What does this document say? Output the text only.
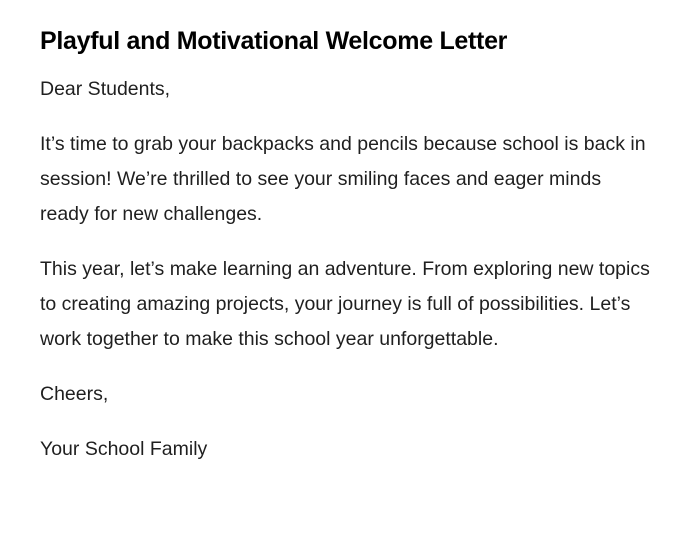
Playful and Motivational Welcome Letter

Dear Students,

It’s time to grab your backpacks and pencils because school is back in session! We’re thrilled to see your smiling faces and eager minds ready for new challenges.

This year, let’s make learning an adventure. From exploring new topics to creating amazing projects, your journey is full of possibilities. Let’s work together to make this school year unforgettable.

Cheers,

Your School Family
